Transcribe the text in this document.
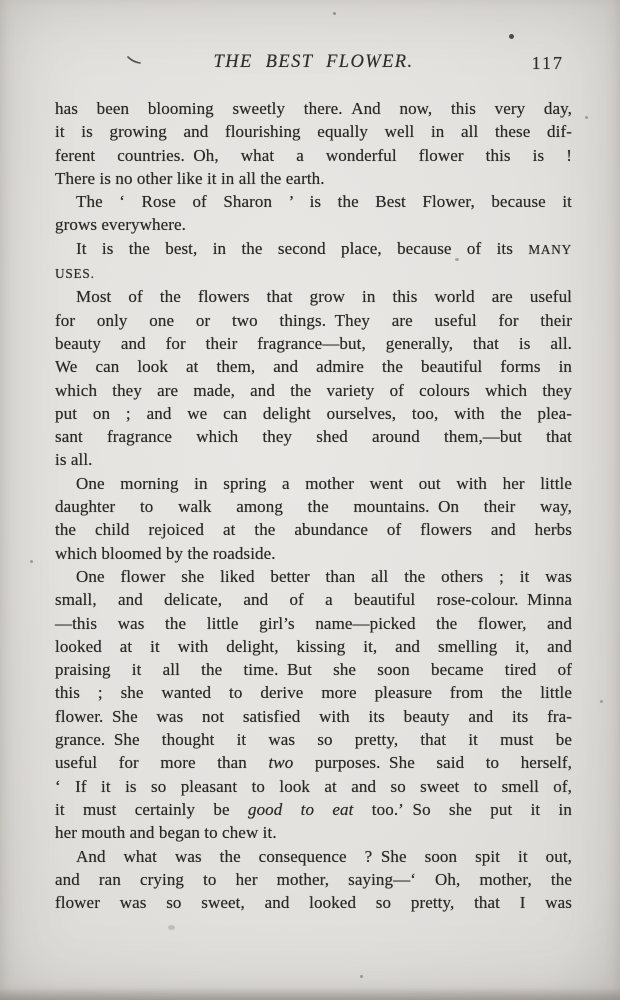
THE BEST FLOWER.	117
has been blooming sweetly there. And now, this very day,
it is growing and flourishing equally well in all these dif-
ferent countries. Oh, what a wonderful flower this is !
There is no other like it in all the earth.
The ‘ Rose of Sharon ’ is the Best Flower, because it
grows everywhere.
It is the best, in the second place, because of its MANY
USES.
Most of the flowers that grow in this world are useful
for only one or two things. They are useful for their
beauty and for their fragrance—but, generally, that is all.
We can look at them, and admire the beautiful forms in
which they are made, and the variety of colours which they
put on ; and we can delight ourselves, too, with the plea-
sant fragrance which they shed around them,—but that
is all.
One morning in spring a mother went out with her little
daughter to walk among the mountains. On their way,
the child rejoiced at the abundance of flowers and herbs
which bloomed by the roadside.
One flower she liked better than all the others ; it was
small, and delicate, and of a beautiful rose-colour. Minna
—this was the little girl’s name—picked the flower, and
looked at it with delight, kissing it, and smelling it, and
praising it all the time. But she soon became tired of
this ; she wanted to derive more pleasure from the little
flower. She was not satisfied with its beauty and its fra-
grance. She thought it was so pretty, that it must be
useful for more than two purposes. She said to herself,
‘ If it is so pleasant to look at and so sweet to smell of,
it must certainly be good to eat too.’ So she put it in
her mouth and began to chew it.
And what was the consequence ? She soon spit it out,
and ran crying to her mother, saying—‘ Oh, mother, the
flower was so sweet, and looked so pretty, that I was
